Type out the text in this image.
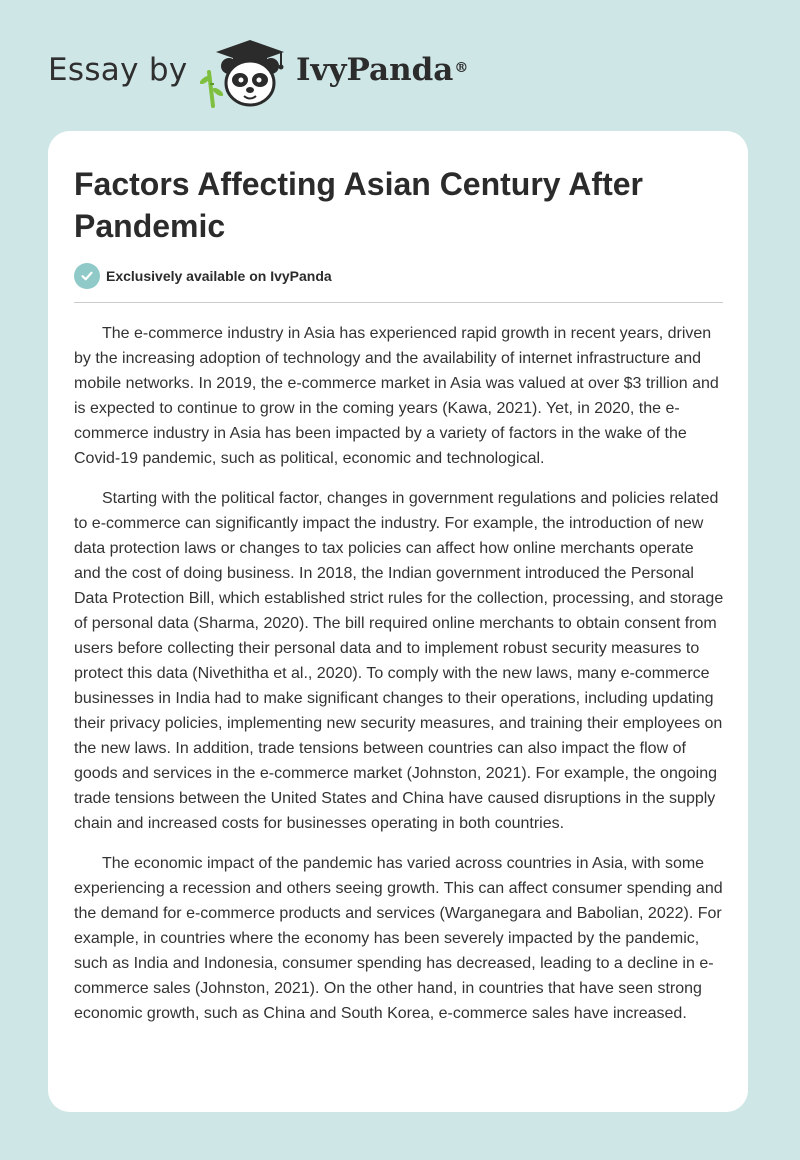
Essay by	IvyPanda®
Factors Affecting Asian Century After Pandemic
Exclusively available on IvyPanda

The e-commerce industry in Asia has experienced rapid growth in recent years, driven by the increasing adoption of technology and the availability of internet infrastructure and mobile networks. In 2019, the e-commerce market in Asia was valued at over $3 trillion and is expected to continue to grow in the coming years (Kawa, 2021). Yet, in 2020, the e-commerce industry in Asia has been impacted by a variety of factors in the wake of the Covid-19 pandemic, such as political, economic and technological.

Starting with the political factor, changes in government regulations and policies related to e-commerce can significantly impact the industry. For example, the introduction of new data protection laws or changes to tax policies can affect how online merchants operate and the cost of doing business. In 2018, the Indian government introduced the Personal Data Protection Bill, which established strict rules for the collection, processing, and storage of personal data (Sharma, 2020). The bill required online merchants to obtain consent from users before collecting their personal data and to implement robust security measures to protect this data (Nivethitha et al., 2020). To comply with the new laws, many e-commerce businesses in India had to make significant changes to their operations, including updating their privacy policies, implementing new security measures, and training their employees on the new laws. In addition, trade tensions between countries can also impact the flow of goods and services in the e-commerce market (Johnston, 2021). For example, the ongoing trade tensions between the United States and China have caused disruptions in the supply chain and increased costs for businesses operating in both countries.

The economic impact of the pandemic has varied across countries in Asia, with some experiencing a recession and others seeing growth. This can affect consumer spending and the demand for e-commerce products and services (Warganegara and Babolian, 2022). For example, in countries where the economy has been severely impacted by the pandemic, such as India and Indonesia, consumer spending has decreased, leading to a decline in e-commerce sales (Johnston, 2021). On the other hand, in countries that have seen strong economic growth, such as China and South Korea, e-commerce sales have increased.
